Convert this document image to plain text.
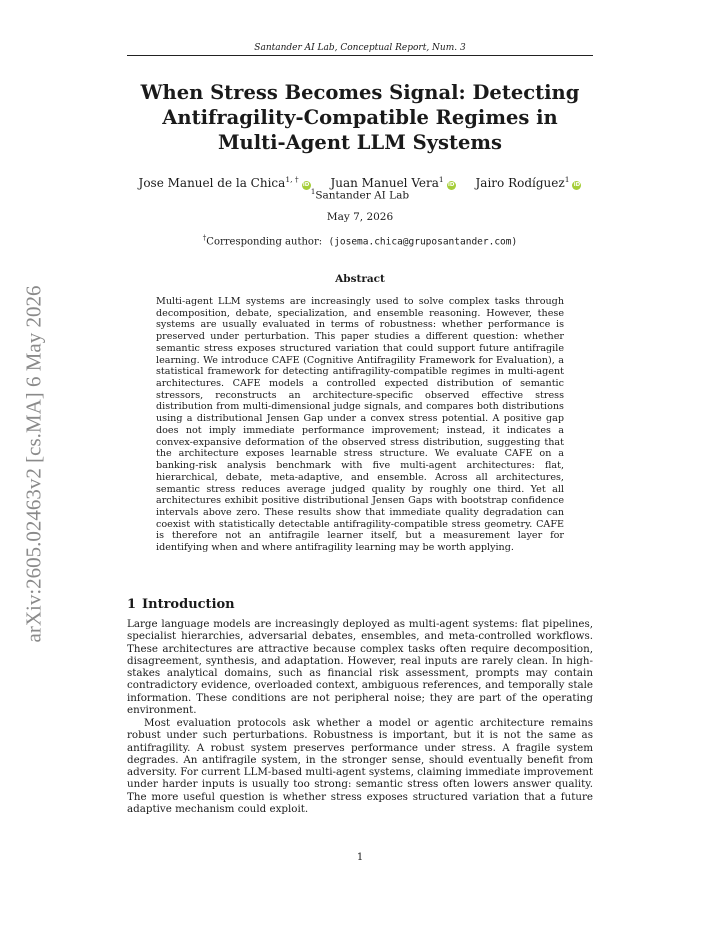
Santander AI Lab, Conceptual Report, Num. 3
arXiv:2605.02463v2 [cs.MA] 6 May 2026
When Stress Becomes Signal: Detecting Antifragility-Compatible Regimes in Multi-Agent LLM Systems
Jose Manuel de la Chica$^{1, \dagger}$iD Juan Manuel Vera$^1$iD Jairo Rodíguez$^1$iD
$^1$Santander AI Lab
May 7, 2026
†Corresponding author: (josema.chica@gruposantander.com)
Abstract

Multi-agent LLM systems are increasingly used to solve complex tasks through decomposition, debate, specialization, and ensemble reasoning. However, these systems are usually evaluated in terms of robustness: whether performance is preserved under perturbation. This paper studies a different question: whether semantic stress exposes structured variation that could support future antifragile learning. We introduce CAFE (Cognitive Antifragility Framework for Evaluation), a statistical framework for detecting antifragility-compatible regimes in multi-agent architectures. CAFE models a controlled expected distribution of semantic stressors, reconstructs an architecture-specific observed effective stress distribution from multi-dimensional judge signals, and compares both distributions using a distributional Jensen Gap under a convex stress potential. A positive gap does not imply immediate performance improvement; instead, it indicates a convex-expansive deformation of the observed stress distribution, suggesting that the architecture exposes learnable stress structure. We evaluate CAFE on a banking-risk analysis benchmark with five multi-agent architectures: flat, hierarchical, debate, meta-adaptive, and ensemble. Across all architectures, semantic stress reduces average judged quality by roughly one third. Yet all architectures exhibit positive distributional Jensen Gaps with bootstrap confidence intervals above zero. These results show that immediate quality degradation can coexist with statistically detectable antifragility-compatible stress geometry. CAFE is therefore not an antifragile learner itself, but a measurement layer for identifying when and where antifragility learning may be worth applying.

1 Introduction

Large language models are increasingly deployed as multi-agent systems: flat pipelines, specialist hierarchies, adversarial debates, ensembles, and meta-controlled workflows. These architectures are attractive because complex tasks often require decomposition, disagreement, synthesis, and adaptation. However, real inputs are rarely clean. In high-stakes analytical domains, such as financial risk assessment, prompts may contain contradictory evidence, overloaded context, ambiguous references, and temporally stale information. These conditions are not peripheral noise; they are part of the operating environment.

Most evaluation protocols ask whether a model or agentic architecture remains robust under such perturbations. Robustness is important, but it is not the same as antifragility. A robust system preserves performance under stress. A fragile system degrades. An antifragile system, in the stronger sense, should eventually benefit from adversity. For current LLM-based multi-agent systems, claiming immediate improvement under harder inputs is usually too strong: semantic stress often lowers answer quality. The more useful question is whether stress exposes structured variation that a future adaptive mechanism could exploit.

1
